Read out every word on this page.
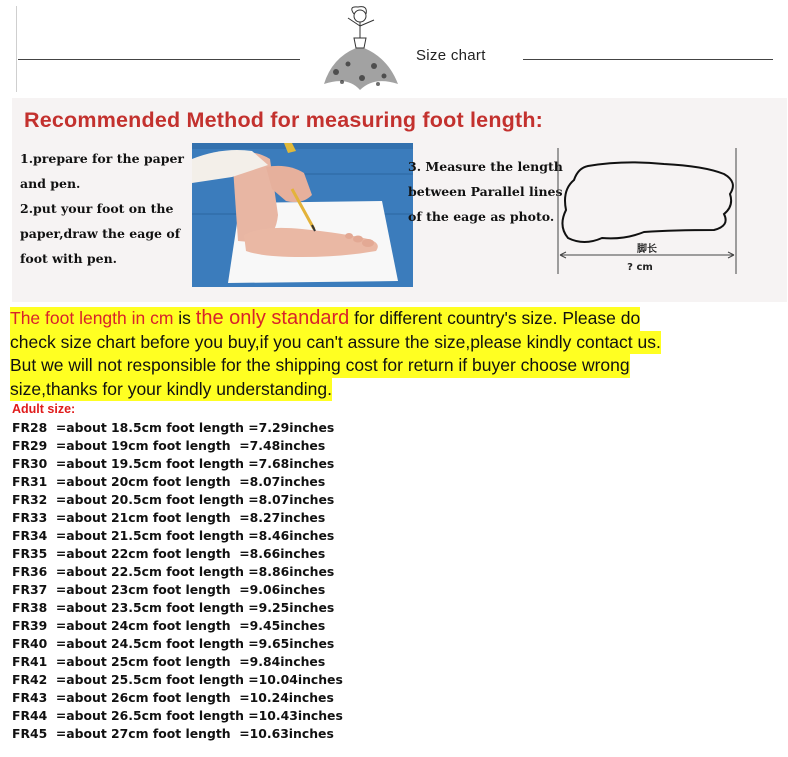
Size chart
Recommended Method for measuring foot length:
1.prepare for the paper
and pen.
2.put your foot on the
paper,draw the eage of
foot with pen.
3. Measure the length
between Parallel lines
of the eage as photo.
脚长
? cm
The foot length in cm is the only standard for different country's size. Please do
check size chart before you buy,if you can't assure the size,please kindly contact us.
But we will not responsible for the shipping cost for return if buyer choose wrong
size,thanks for your kindly understanding.
Adult size:
FR28  =about 18.5cm foot length =7.29inches
FR29  =about 19cm foot length  =7.48inches
FR30  =about 19.5cm foot length =7.68inches
FR31  =about 20cm foot length  =8.07inches
FR32  =about 20.5cm foot length =8.07inches
FR33  =about 21cm foot length  =8.27inches
FR34  =about 21.5cm foot length =8.46inches
FR35  =about 22cm foot length  =8.66inches
FR36  =about 22.5cm foot length =8.86inches
FR37  =about 23cm foot length  =9.06inches
FR38  =about 23.5cm foot length =9.25inches
FR39  =about 24cm foot length  =9.45inches
FR40  =about 24.5cm foot length =9.65inches
FR41  =about 25cm foot length  =9.84inches
FR42  =about 25.5cm foot length =10.04inches
FR43  =about 26cm foot length  =10.24inches
FR44  =about 26.5cm foot length =10.43inches
FR45  =about 27cm foot length  =10.63inches
